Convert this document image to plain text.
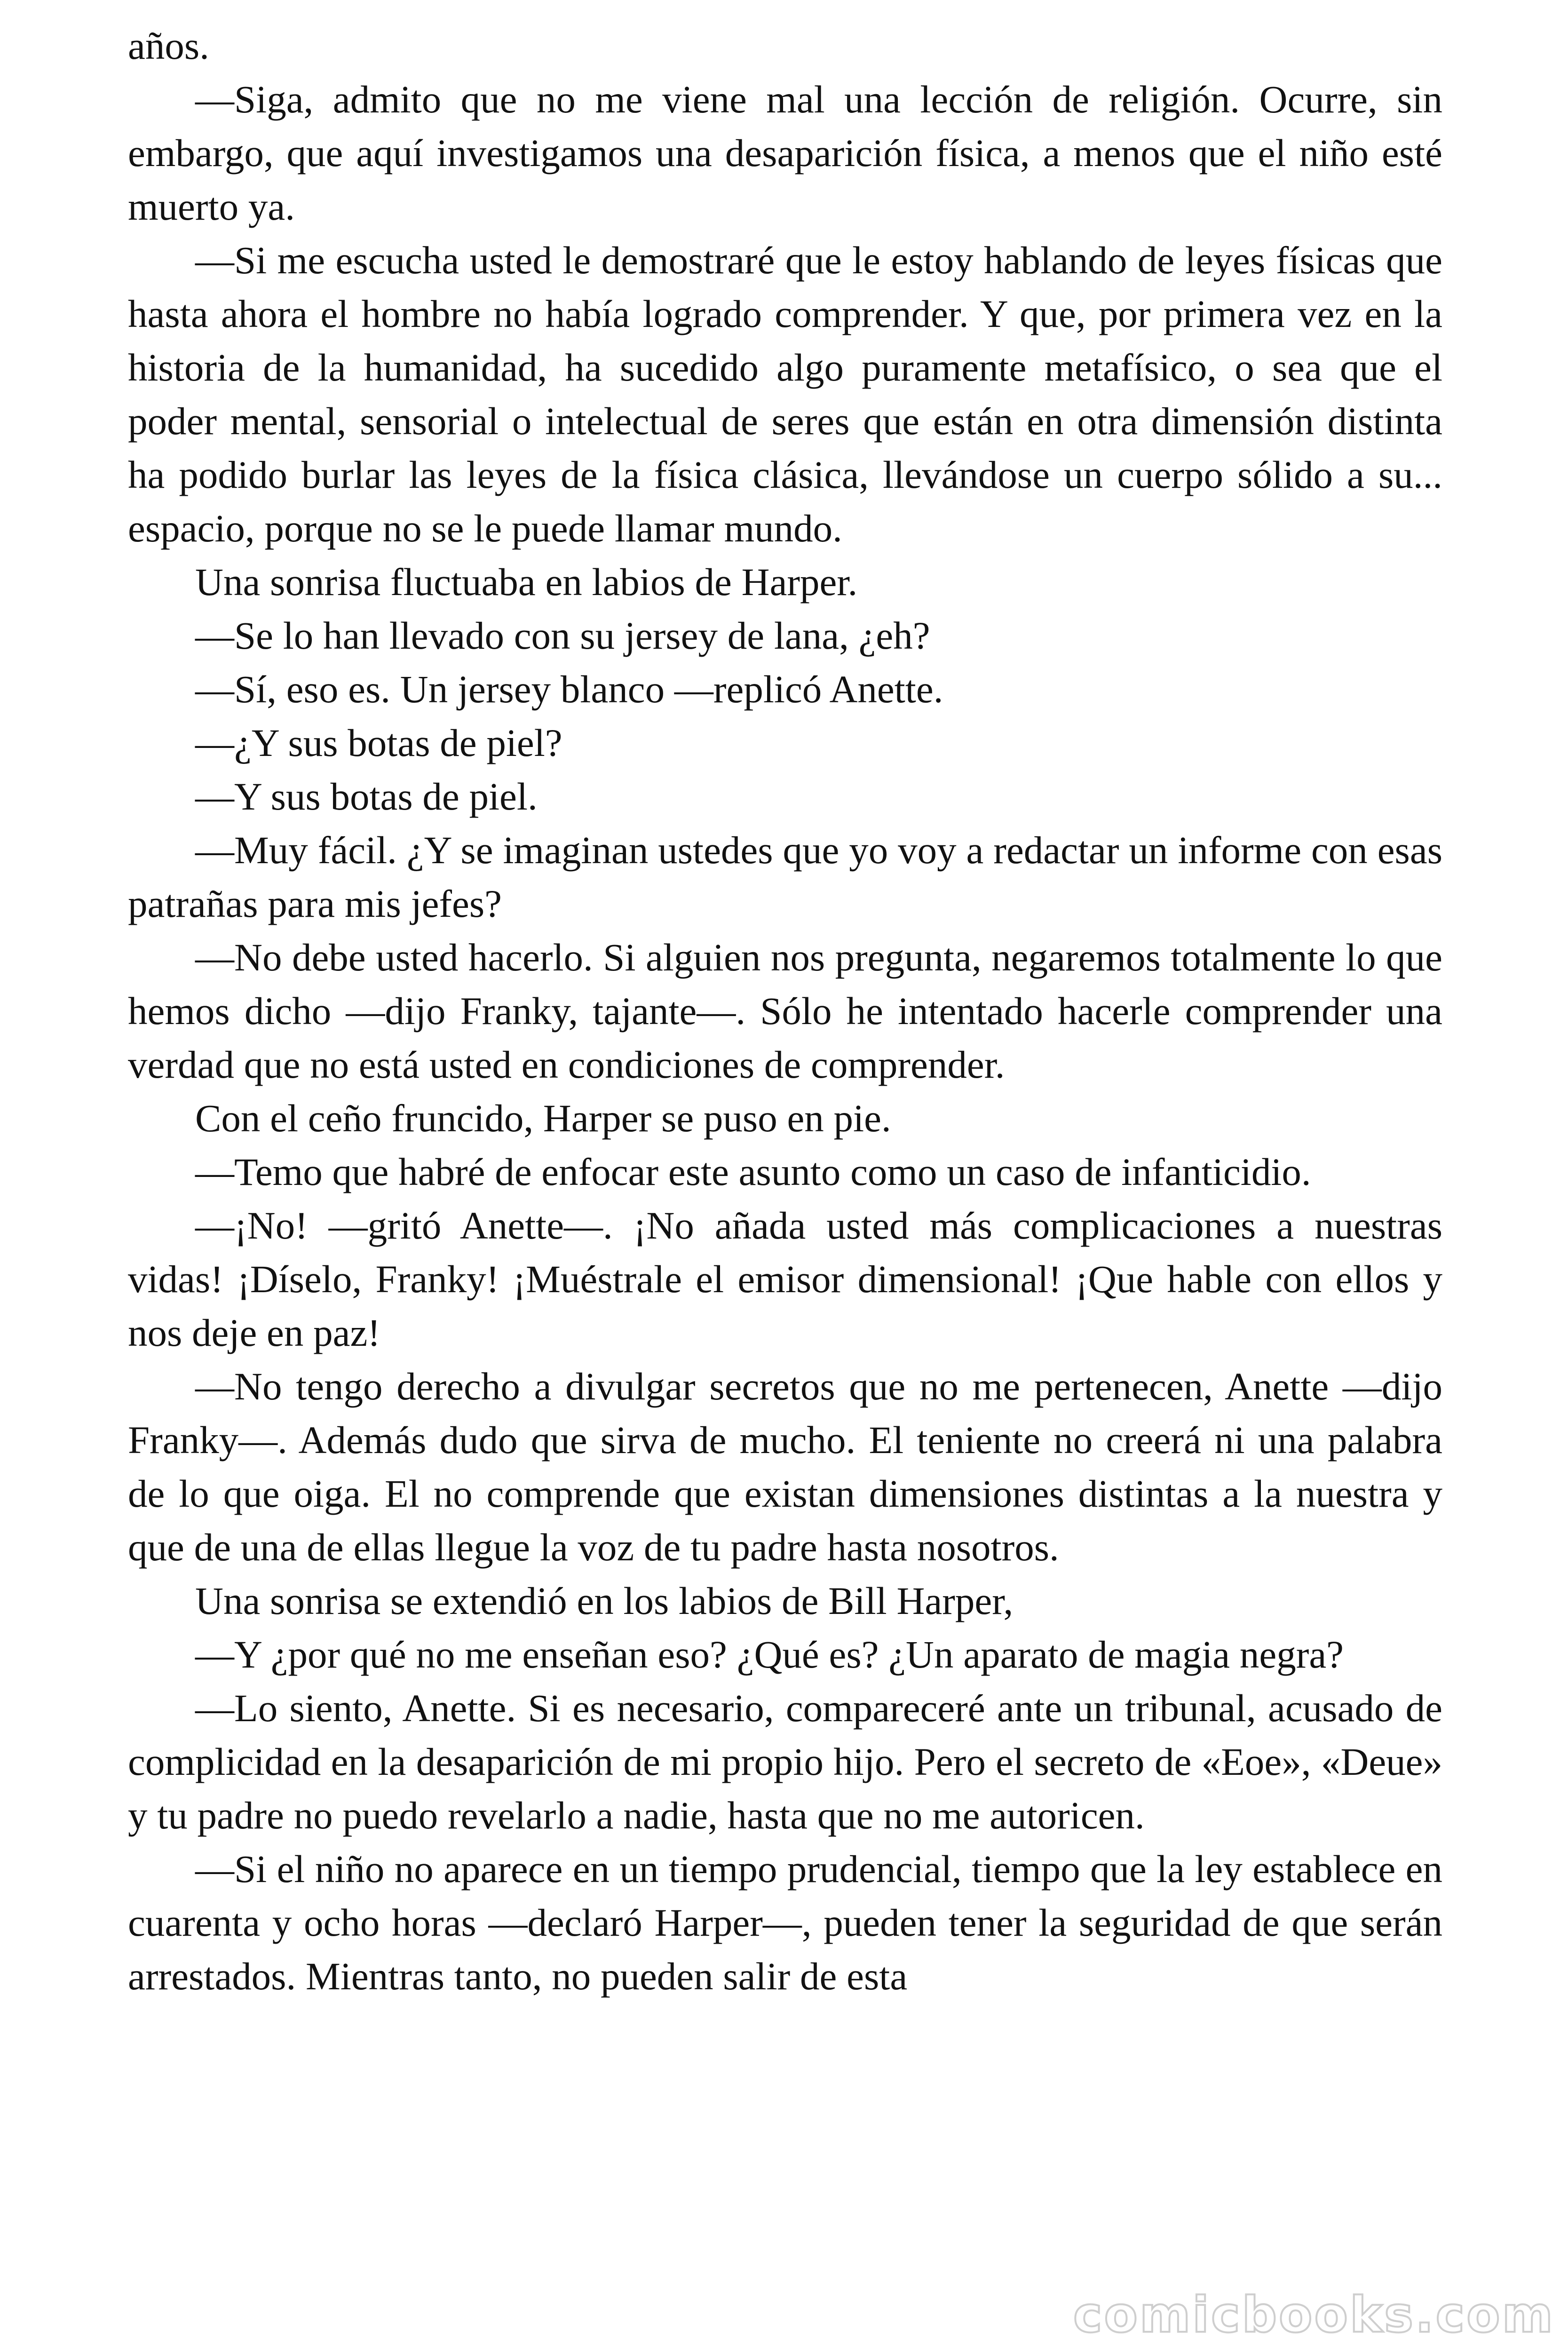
años.

—Siga, admito que no me viene mal una lección de religión. Ocurre, sin embargo, que aquí investigamos una desaparición física, a menos que el niño esté muerto ya.

—Si me escucha usted le demostraré que le estoy hablando de leyes físicas que hasta ahora el hombre no había logrado comprender. Y que, por primera vez en la historia de la humanidad, ha sucedido algo puramente metafísico, o sea que el poder mental, sensorial o intelectual de seres que están en otra dimensión distinta ha podido burlar las leyes de la física clásica, llevándose un cuerpo sólido a su... espacio, porque no se le puede llamar mundo.

Una sonrisa fluctuaba en labios de Harper.

—Se lo han llevado con su jersey de lana, ¿eh?

—Sí, eso es. Un jersey blanco —replicó Anette.

—¿Y sus botas de piel?

—Y sus botas de piel.

—Muy fácil. ¿Y se imaginan ustedes que yo voy a redactar un informe con esas patrañas para mis jefes?

—No debe usted hacerlo. Si alguien nos pregunta, negaremos totalmente lo que hemos dicho —dijo Franky, tajante—. Sólo he intentado hacerle comprender una verdad que no está usted en condiciones de comprender.

Con el ceño fruncido, Harper se puso en pie.

—Temo que habré de enfocar este asunto como un caso de infanticidio.

—¡No! —gritó Anette—. ¡No añada usted más complicaciones a nuestras vidas! ¡Díselo, Franky! ¡Muéstrale el emisor dimensional! ¡Que hable con ellos y nos deje en paz!

—No tengo derecho a divulgar secretos que no me pertenecen, Anette —dijo Franky—. Además dudo que sirva de mucho. El teniente no creerá ni una palabra de lo que oiga. El no comprende que existan dimensiones distintas a la nuestra y que de una de ellas llegue la voz de tu padre hasta nosotros.

Una sonrisa se extendió en los labios de Bill Harper,

—Y ¿por qué no me enseñan eso? ¿Qué es? ¿Un aparato de magia negra?

—Lo siento, Anette. Si es necesario, compareceré ante un tribunal, acusado de complicidad en la desaparición de mi propio hijo. Pero el secreto de «Eoe», «Deue» y tu padre no puedo revelarlo a nadie, hasta que no me autoricen.

—Si el niño no aparece en un tiempo prudencial, tiempo que la ley establece en cuarenta y ocho horas —declaró Harper—, pueden tener la seguridad de que serán arrestados. Mientras tanto, no pueden salir de esta

comicbooks.com
